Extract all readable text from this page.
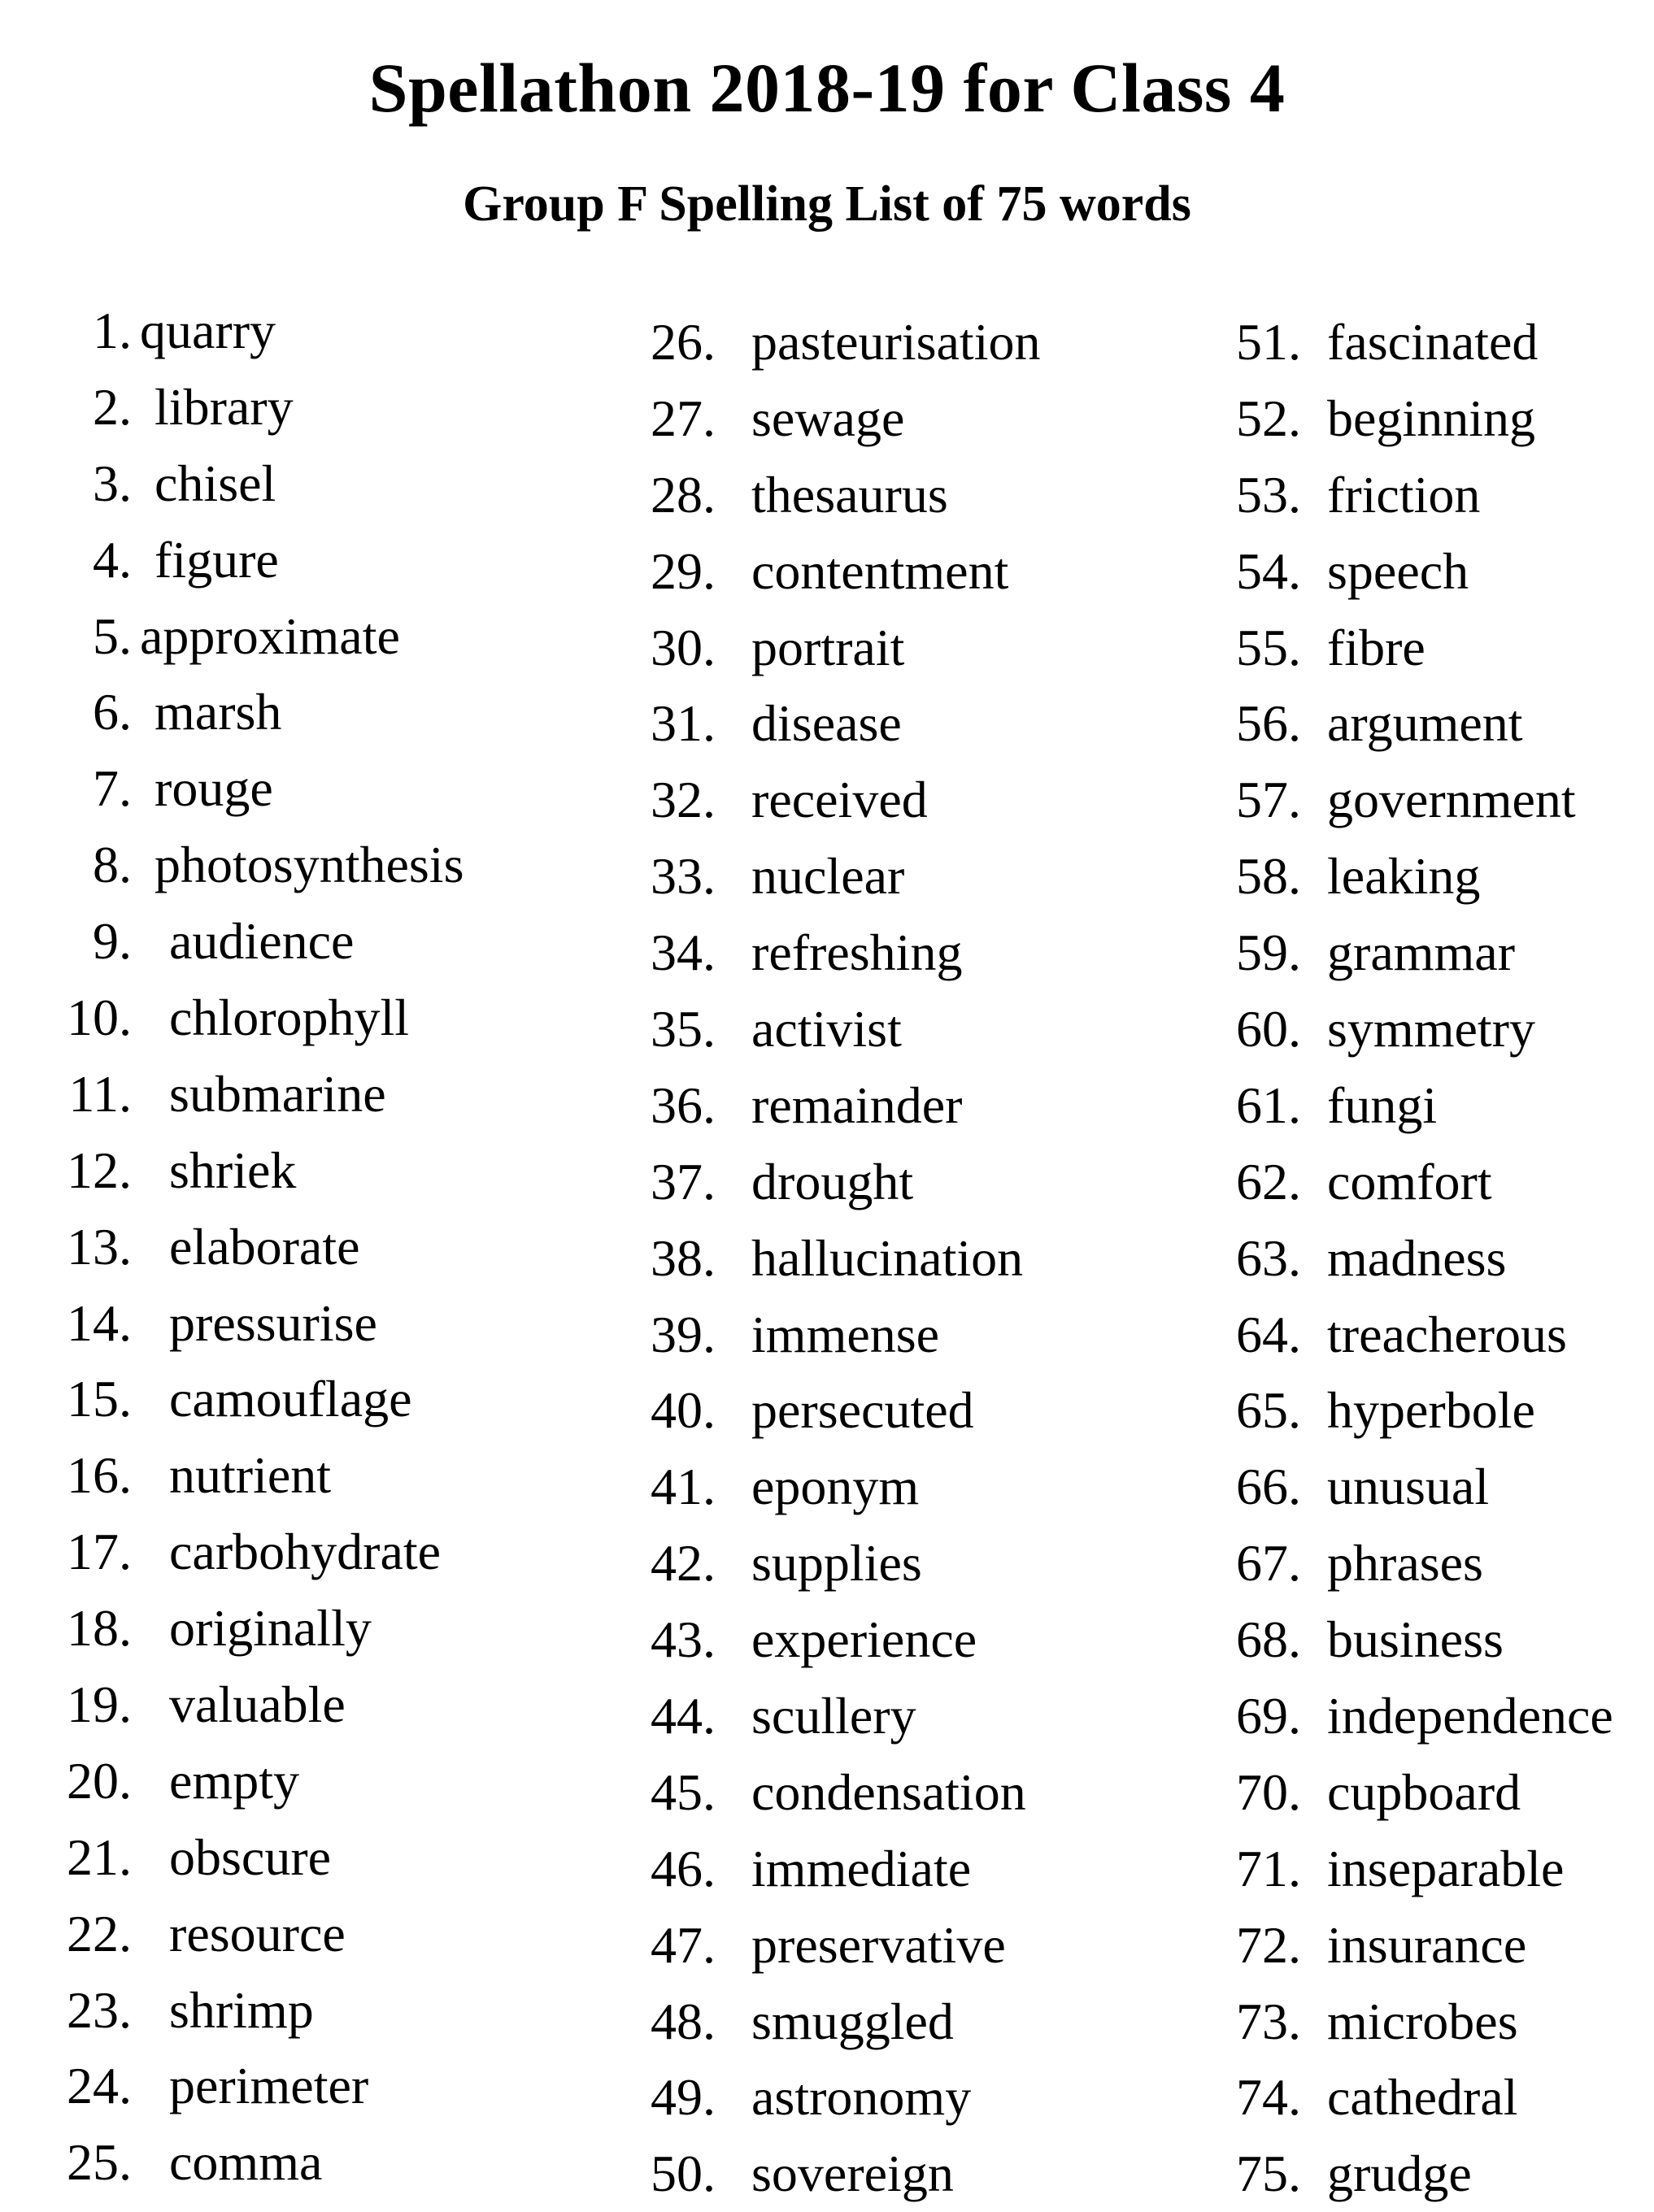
Spellathon 2018-19 for Class 4
Group F Spelling List of 75 words
1. quarry
2. library
3. chisel
4. figure
5. approximate
6. marsh
7. rouge
8. photosynthesis
9. audience
10. chlorophyll
11. submarine
12. shriek
13. elaborate
14. pressurise
15. camouflage
16. nutrient
17. carbohydrate
18. originally
19. valuable
20. empty
21. obscure
22. resource
23. shrimp
24. perimeter
25. comma
26. pasteurisation
27. sewage
28. thesaurus
29. contentment
30. portrait
31. disease
32. received
33. nuclear
34. refreshing
35. activist
36. remainder
37. drought
38. hallucination
39. immense
40. persecuted
41. eponym
42. supplies
43. experience
44. scullery
45. condensation
46. immediate
47. preservative
48. smuggled
49. astronomy
50. sovereign
51. fascinated
52. beginning
53. friction
54. speech
55. fibre
56. argument
57. government
58. leaking
59. grammar
60. symmetry
61. fungi
62. comfort
63. madness
64. treacherous
65. hyperbole
66. unusual
67. phrases
68. business
69. independence
70. cupboard
71. inseparable
72. insurance
73. microbes
74. cathedral
75. grudge
